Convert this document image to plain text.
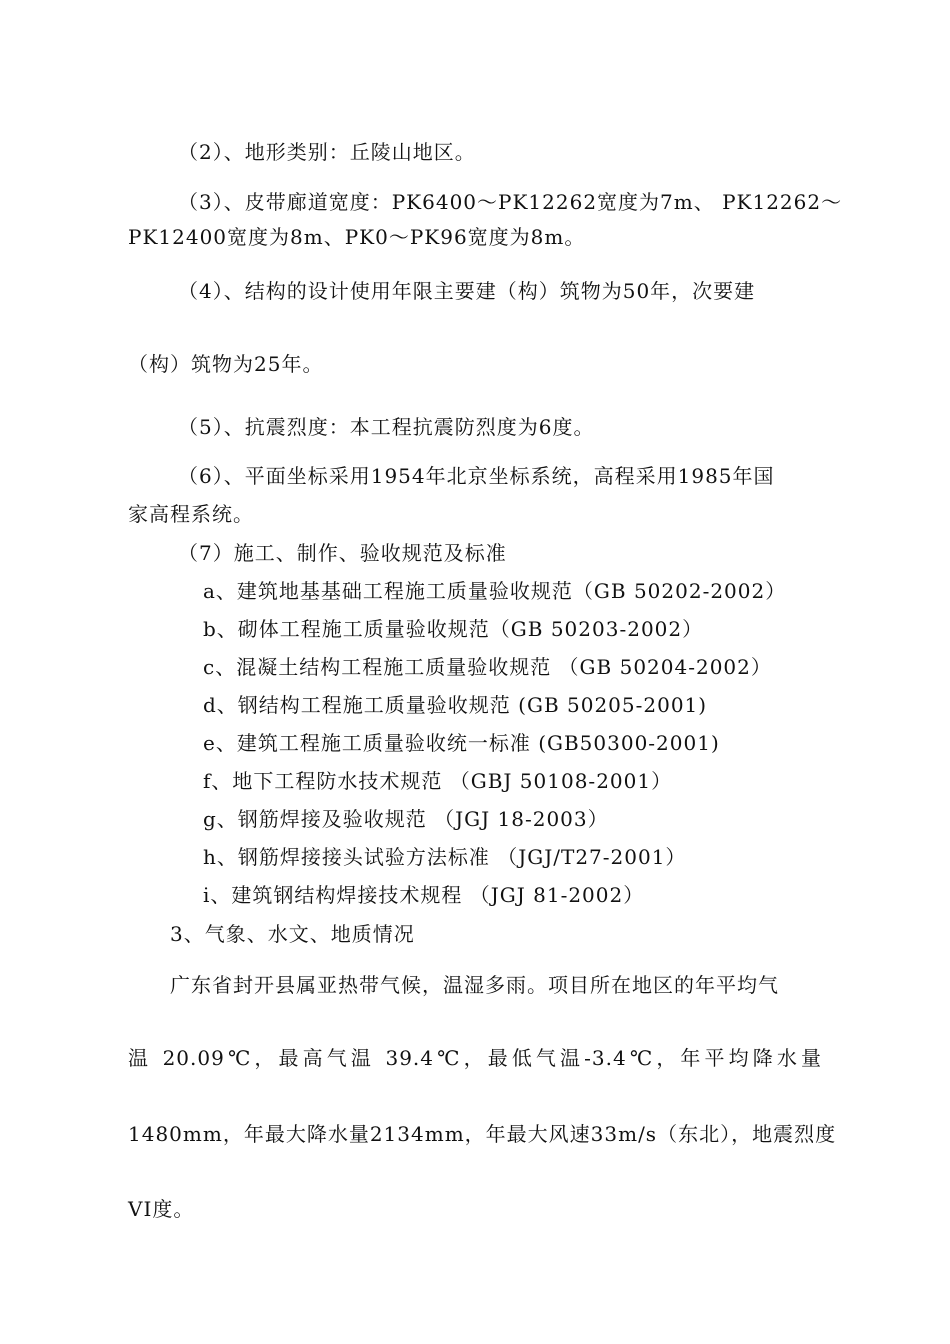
（2）、地形类别：丘陵山地区。
（3）、皮带廊道宽度：PK6400～PK12262宽度为7m、 PK12262～
PK12400宽度为8m、PK0～PK96宽度为8m。
（4）、结构的设计使用年限主要建（构）筑物为50年，次要建
（构）筑物为25年。
（5）、抗震烈度：本工程抗震防烈度为6度。
（6）、平面坐标采用1954年北京坐标系统，高程采用1985年国
家高程系统。
（7）施工、制作、验收规范及标准
a、建筑地基基础工程施工质量验收规范（GB 50202-2002）
b、砌体工程施工质量验收规范（GB 50203-2002）
c、混凝土结构工程施工质量验收规范 （GB 50204-2002）
d、钢结构工程施工质量验收规范 (GB 50205-2001)
e、建筑工程施工质量验收统一标准 (GB50300-2001)
f、地下工程防水技术规范 （GBJ 50108-2001）
g、钢筋焊接及验收规范 （JGJ 18-2003）
h、钢筋焊接接头试验方法标准 （JGJ/T27-2001）
i、建筑钢结构焊接技术规程 （JGJ 81-2002）
3、气象、水文、地质情况
广东省封开县属亚热带气候，温湿多雨。项目所在地区的年平均气
温 20.09℃，最高气温 39.4℃，最低气温-3.4℃，年平均降水量
1480mm，年最大降水量2134mm，年最大风速33m/s（东北），地震烈度
VI度。
